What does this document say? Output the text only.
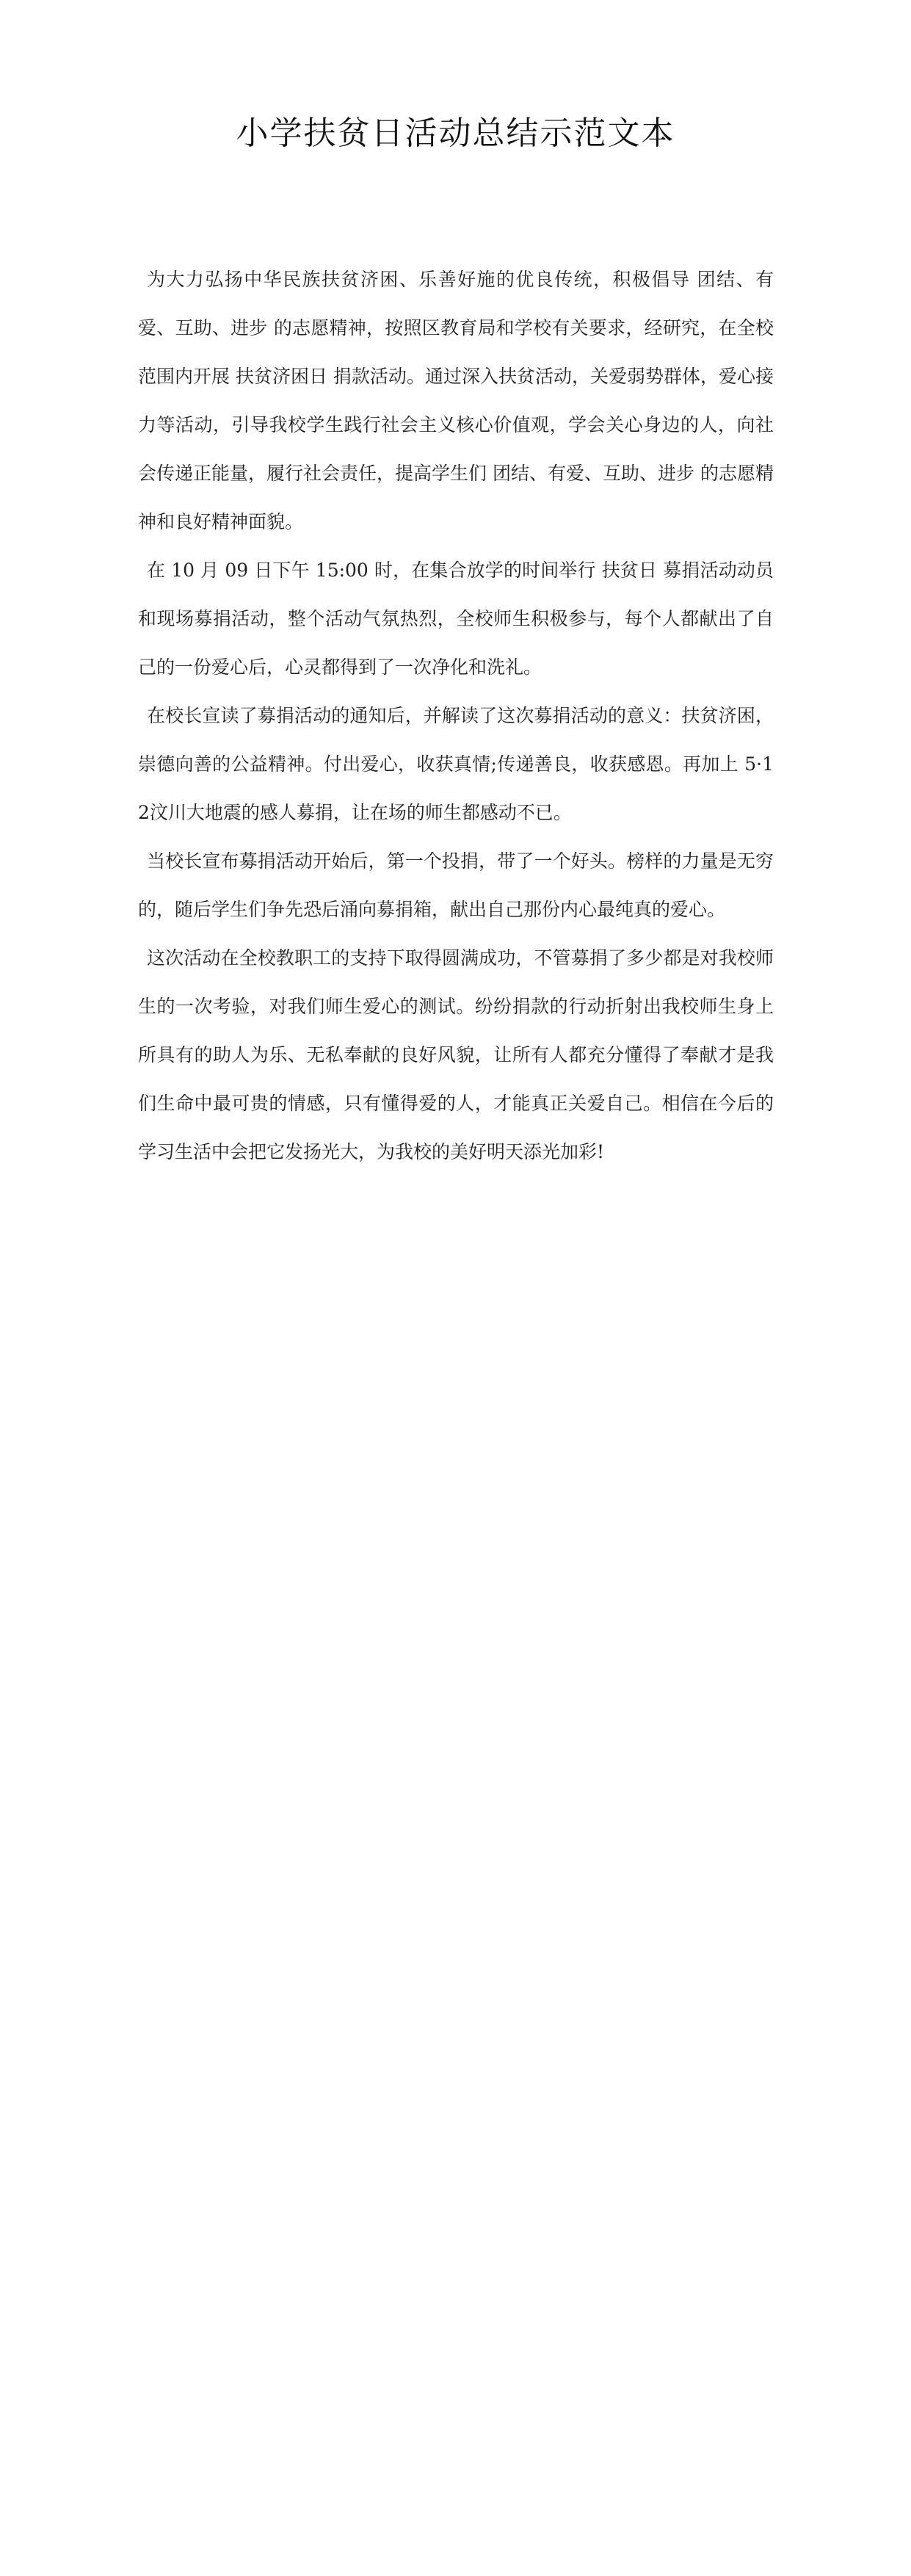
小学扶贫日活动总结示范文本

为大力弘扬中华民族扶贫济困、乐善好施的优良传统，积极倡导 团结、有爱、互助、进步 的志愿精神，按照区教育局和学校有关要求，经研究，在全校范围内开展 扶贫济困日 捐款活动。通过深入扶贫活动，关爱弱势群体，爱心接力等活动，引导我校学生践行社会主义核心价值观，学会关心身边的人，向社会传递正能量，履行社会责任，提高学生们 团结、有爱、互助、进步 的志愿精神和良好精神面貌。

在 10 月 09 日下午 15:00 时，在集合放学的时间举行 扶贫日 募捐活动动员和现场募捐活动，整个活动气氛热烈，全校师生积极参与，每个人都献出了自己的一份爱心后，心灵都得到了一次净化和洗礼。

在校长宣读了募捐活动的通知后，并解读了这次募捐活动的意义：扶贫济困，崇德向善的公益精神。付出爱心，收获真情;传递善良，收获感恩。再加上 5·12汶川大地震的感人募捐，让在场的师生都感动不已。

当校长宣布募捐活动开始后，第一个投捐，带了一个好头。榜样的力量是无穷的，随后学生们争先恐后涌向募捐箱，献出自己那份内心最纯真的爱心。

这次活动在全校教职工的支持下取得圆满成功，不管募捐了多少都是对我校师生的一次考验，对我们师生爱心的测试。纷纷捐款的行动折射出我校师生身上所具有的助人为乐、无私奉献的良好风貌，让所有人都充分懂得了奉献才是我们生命中最可贵的情感，只有懂得爱的人，才能真正关爱自己。相信在今后的学习生活中会把它发扬光大，为我校的美好明天添光加彩!
